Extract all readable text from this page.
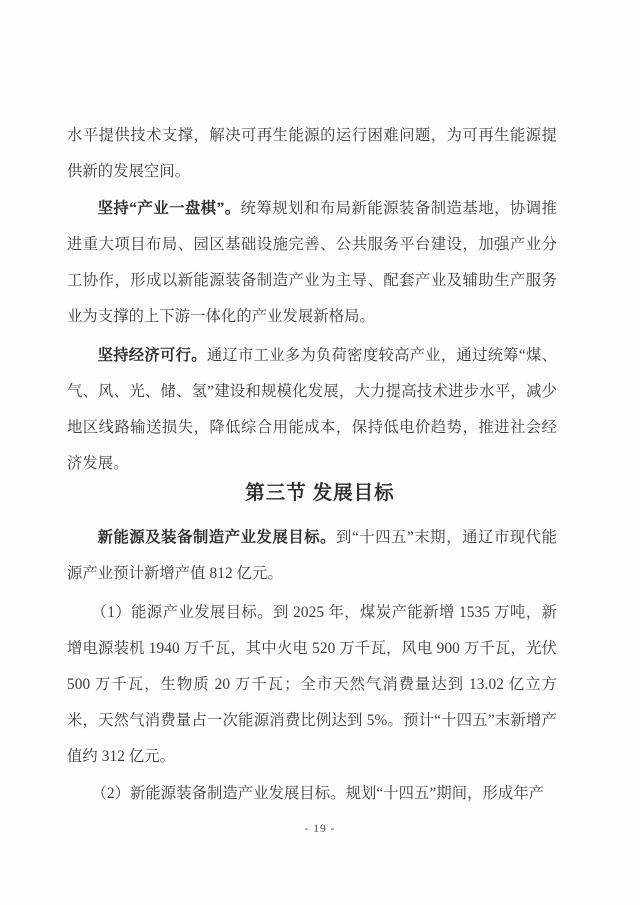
水平提供技术支撑，解决可再生能源的运行困难问题，为可再生能源提供新的发展空间。

坚持“产业一盘棋”。统筹规划和布局新能源装备制造基地，协调推进重大项目布局、园区基础设施完善、公共服务平台建设，加强产业分工协作，形成以新能源装备制造产业为主导、配套产业及辅助生产服务业为支撑的上下游一体化的产业发展新格局。

坚持经济可行。通辽市工业多为负荷密度较高产业，通过统筹“煤、气、风、光、储、氢”建设和规模化发展，大力提高技术进步水平，减少地区线路输送损失，降低综合用能成本，保持低电价趋势，推进社会经济发展。

第三节 发展目标

新能源及装备制造产业发展目标。到“十四五”末期，通辽市现代能源产业预计新增产值 812 亿元。

（1）能源产业发展目标。到 2025 年，煤炭产能新增 1535 万吨，新增电源装机 1940 万千瓦，其中火电 520 万千瓦，风电 900 万千瓦，光伏 500 万千瓦，生物质 20 万千瓦；全市天然气消费量达到 13.02 亿立方米，天然气消费量占一次能源消费比例达到 5%。预计“十四五”末新增产值约 312 亿元。

（2）新能源装备制造产业发展目标。规划“十四五”期间，形成年产

- 19 -
